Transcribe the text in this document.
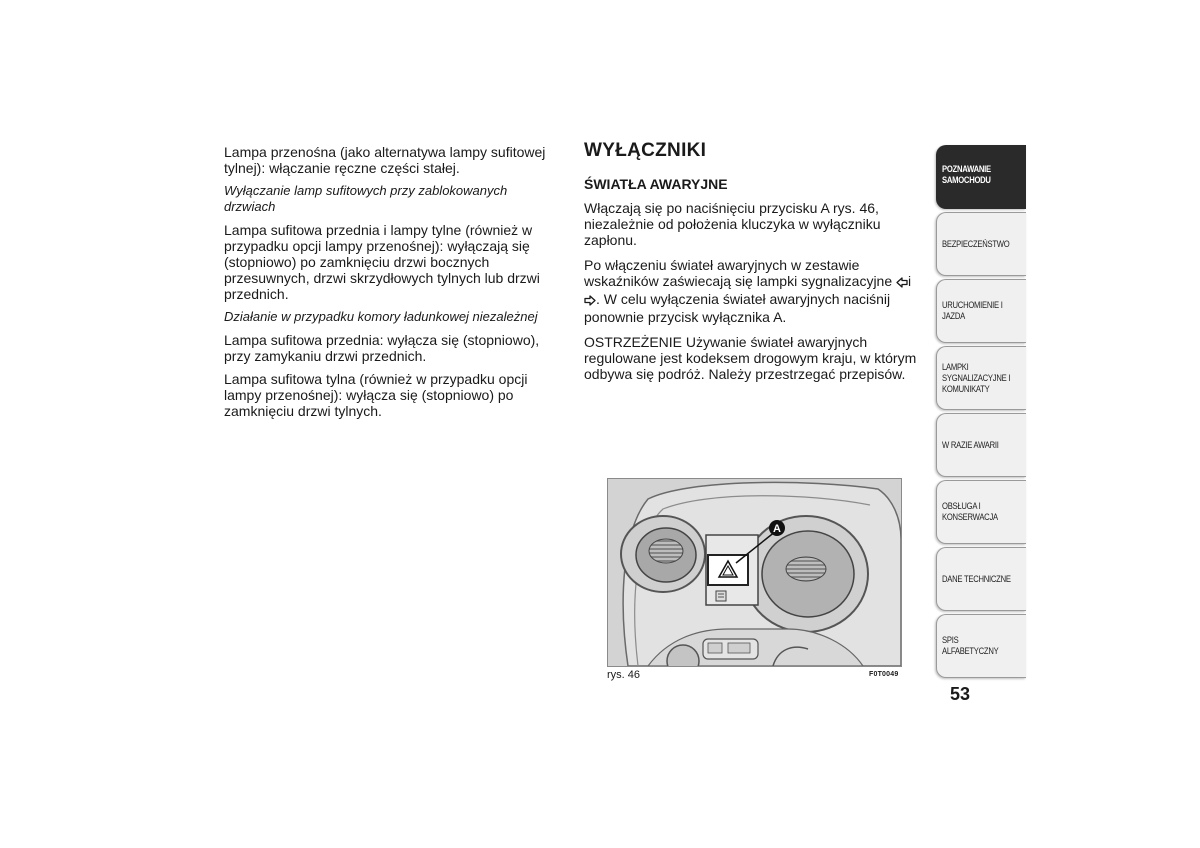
Lampa przenośna (jako alternatywa lampy sufitowej tylnej): włączanie ręczne części stałej.

Wyłączanie lamp sufitowych przy zablokowanych drzwiach

Lampa sufitowa przednia i lampy tylne (również w przypadku opcji lampy przenośnej): wyłączają się (stopniowo) po zamknięciu drzwi bocznych przesuwnych, drzwi skrzydłowych tylnych lub drzwi przednich.

Działanie w przypadku komory ładunkowej niezależnej

Lampa sufitowa przednia: wyłącza się (stopniowo), przy zamykaniu drzwi przednich.

Lampa sufitowa tylna (również w przypadku opcji lampy przenośnej): wyłącza się (stopniowo) po zamknięciu drzwi tylnych.

WYŁĄCZNIKI
ŚWIATŁA AWARYJNE

Włączają się po naciśnięciu przycisku A rys. 46, niezależnie od położenia kluczyka w wyłączniku zapłonu.

Po włączeniu świateł awaryjnych w zestawie wskaźników zaświecają się lampki sygnalizacyjne i . W celu wyłączenia świateł awaryjnych naciśnij ponownie przycisk wyłącznika A.

OSTRZEŻENIE Używanie świateł awaryjnych regulowane jest kodeksem drogowym kraju, w którym odbywa się podróż. Należy przestrzegać przepisów.

A
rys. 46	F0T0049
POZNAWANIE
SAMOCHODU
BEZPIECZEŃSTWO
URUCHOMIENIE I
JAZDA
LAMPKI
SYGNALIZACYJNE I
KOMUNIKATY
W RAZIE AWARII
OBSŁUGA I
KONSERWACJA
DANE TECHNICZNE
SPIS ALFABETYCZNY
53
